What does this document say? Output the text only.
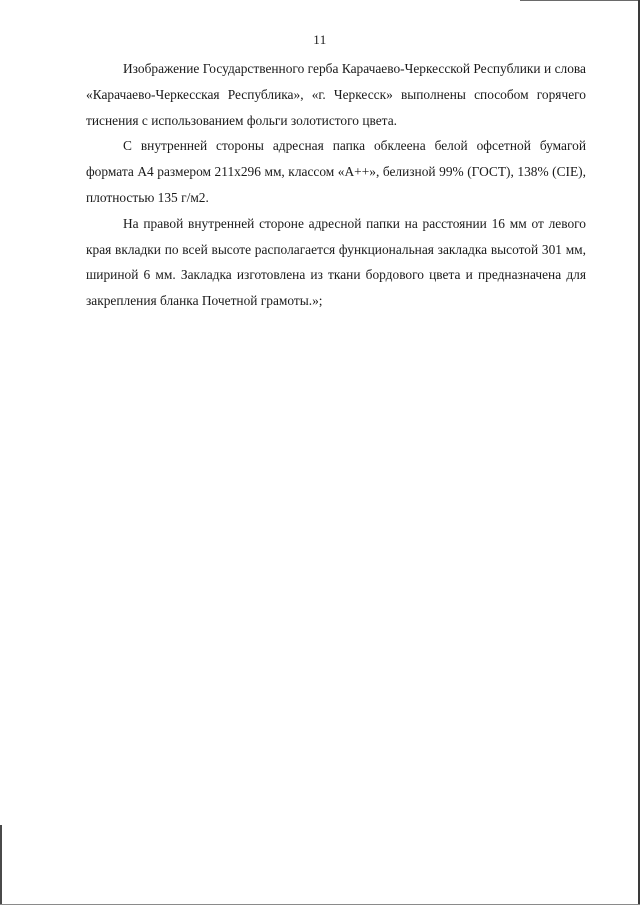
11

Изображение Государственного герба Карачаево-Черкесской Республики и слова «Карачаево-Черкесская Республика», «г. Черкесск» выполнены способом горячего тиснения с использованием фольги золотистого цвета.

С внутренней стороны адресная папка обклеена белой офсетной бумагой формата А4 размером 211x296 мм, классом «А++», белизной 99% (ГОСТ), 138% (CIE), плотностью 135 г/м2.

На правой внутренней стороне адресной папки на расстоянии 16 мм от левого края вкладки по всей высоте располагается функциональная закладка высотой 301 мм, шириной 6 мм. Закладка изготовлена из ткани бордового цвета и предназначена для закрепления бланка Почетной грамоты.»;
